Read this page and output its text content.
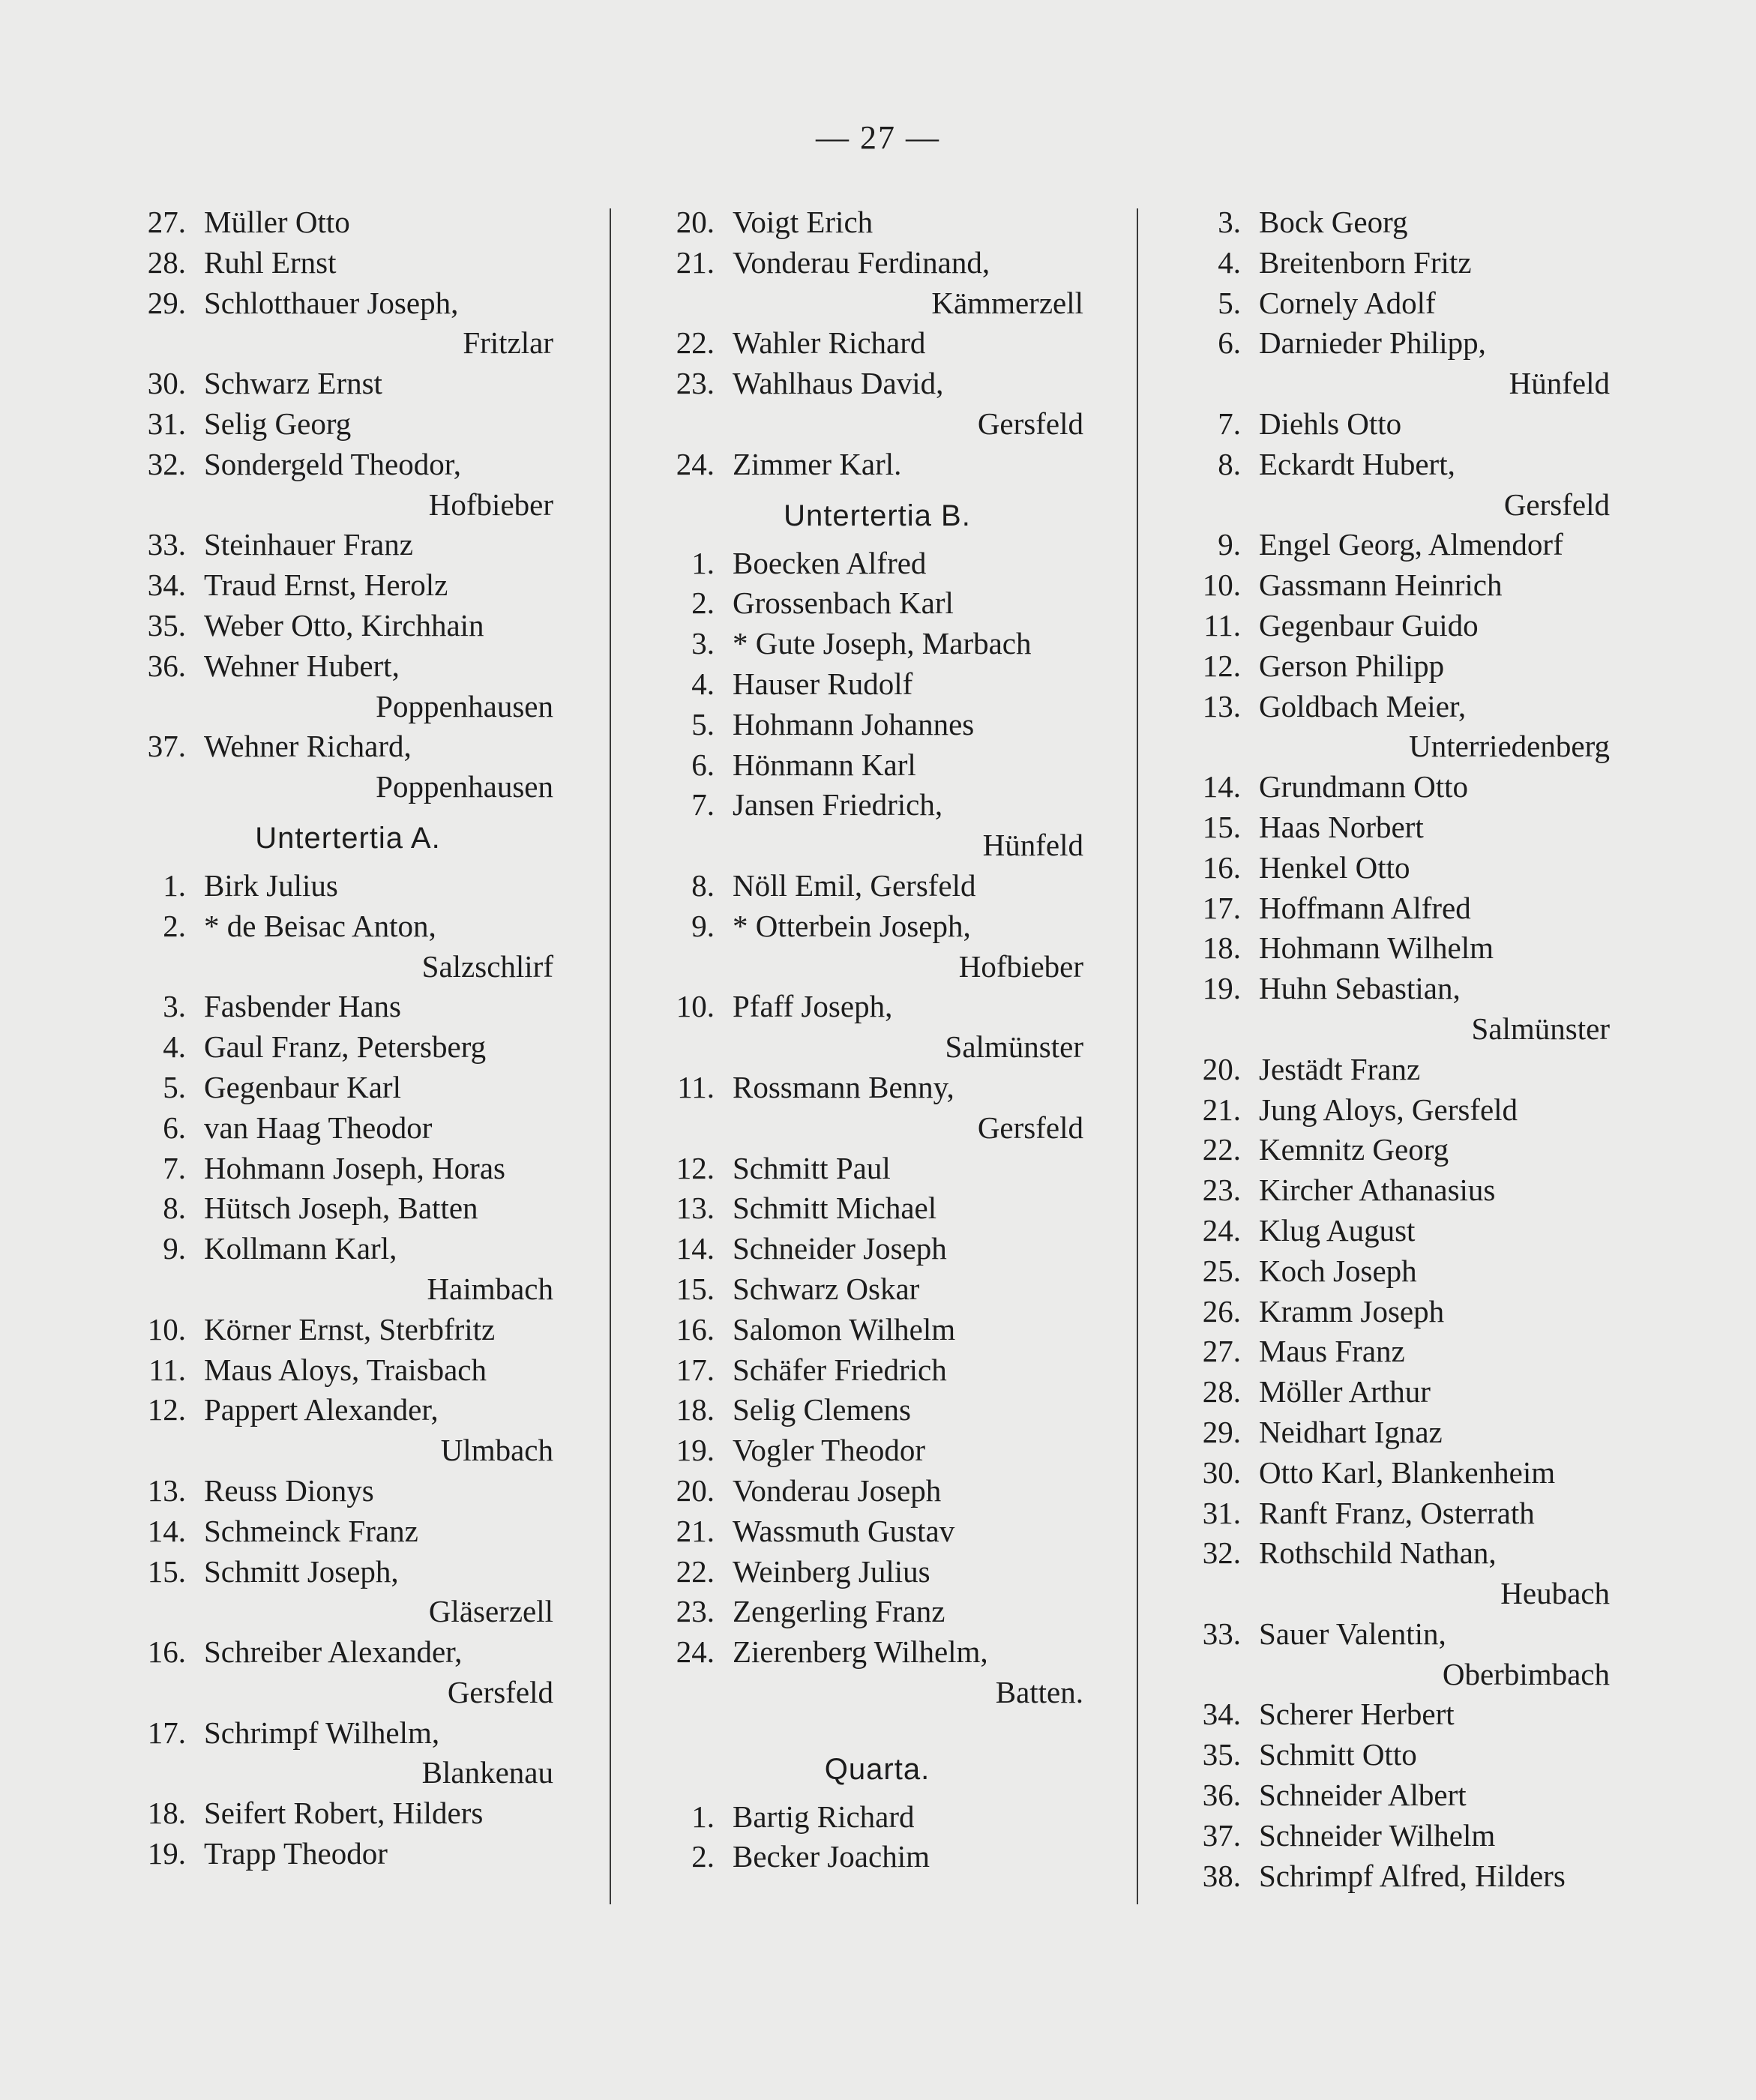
— 27 —
27. Müller Otto
28. Ruhl Ernst
29. Schlotthauer Joseph,
Fritzlar
30. Schwarz Ernst
31. Selig Georg
32. Sondergeld Theodor,
Hofbieber
33. Steinhauer Franz
34. Traud Ernst, Herolz
35. Weber Otto, Kirchhain
36. Wehner Hubert,
Poppenhausen
37. Wehner Richard,
Poppenhausen
Untertertia A.
1. Birk Julius
2. * de Beisac Anton,
Salzschlirf
3. Fasbender Hans
4. Gaul Franz, Petersberg
5. Gegenbaur Karl
6. van Haag Theodor
7. Hohmann Joseph, Horas
8. Hütsch Joseph, Batten
9. Kollmann Karl,
Haimbach
10. Körner Ernst, Sterbfritz
11. Maus Aloys, Traisbach
12. Pappert Alexander,
Ulmbach
13. Reuss Dionys
14. Schmeinck Franz
15. Schmitt Joseph,
Gläserzell
16. Schreiber Alexander,
Gersfeld
17. Schrimpf Wilhelm,
Blankenau
18. Seifert Robert, Hilders
19. Trapp Theodor
20. Voigt Erich
21. Vonderau Ferdinand,
Kämmerzell
22. Wahler Richard
23. Wahlhaus David,
Gersfeld
24. Zimmer Karl.
Untertertia B.
1. Boecken Alfred
2. Grossenbach Karl
3. * Gute Joseph, Marbach
4. Hauser Rudolf
5. Hohmann Johannes
6. Hönmann Karl
7. Jansen Friedrich,
Hünfeld
8. Nöll Emil, Gersfeld
9. * Otterbein Joseph,
Hofbieber
10. Pfaff Joseph,
Salmünster
11. Rossmann Benny,
Gersfeld
12. Schmitt Paul
13. Schmitt Michael
14. Schneider Joseph
15. Schwarz Oskar
16. Salomon Wilhelm
17. Schäfer Friedrich
18. Selig Clemens
19. Vogler Theodor
20. Vonderau Joseph
21. Wassmuth Gustav
22. Weinberg Julius
23. Zengerling Franz
24. Zierenberg Wilhelm,
Batten.
Quarta.
1. Bartig Richard
2. Becker Joachim
3. Bock Georg
4. Breitenborn Fritz
5. Cornely Adolf
6. Darnieder Philipp,
Hünfeld
7. Diehls Otto
8. Eckardt Hubert,
Gersfeld
9. Engel Georg, Almendorf
10. Gassmann Heinrich
11. Gegenbaur Guido
12. Gerson Philipp
13. Goldbach Meier,
Unterriedenberg
14. Grundmann Otto
15. Haas Norbert
16. Henkel Otto
17. Hoffmann Alfred
18. Hohmann Wilhelm
19. Huhn Sebastian,
Salmünster
20. Jestädt Franz
21. Jung Aloys, Gersfeld
22. Kemnitz Georg
23. Kircher Athanasius
24. Klug August
25. Koch Joseph
26. Kramm Joseph
27. Maus Franz
28. Möller Arthur
29. Neidhart Ignaz
30. Otto Karl, Blankenheim
31. Ranft Franz, Osterrath
32. Rothschild Nathan,
Heubach
33. Sauer Valentin,
Oberbimbach
34. Scherer Herbert
35. Schmitt Otto
36. Schneider Albert
37. Schneider Wilhelm
38. Schrimpf Alfred, Hilders
